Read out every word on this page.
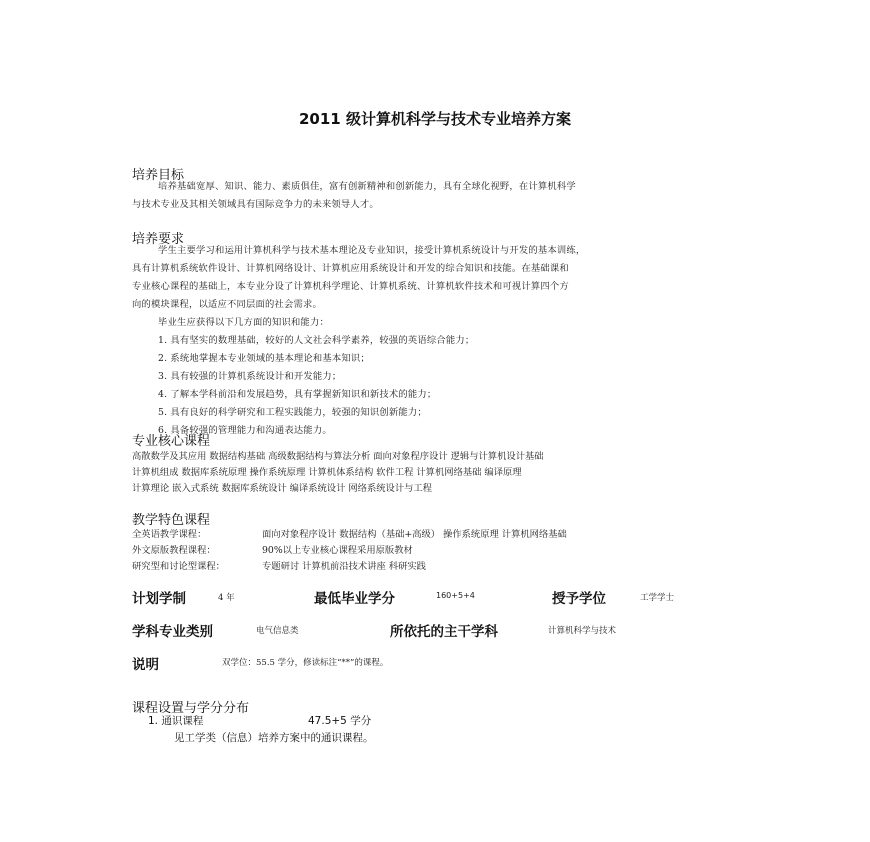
2011 级计算机科学与技术专业培养方案
培养目标
培养基础宽厚、知识、能力、素质俱佳，富有创新精神和创新能力，具有全球化视野，在计算机科学
与技术专业及其相关领域具有国际竞争力的未来领导人才。
培养要求
学生主要学习和运用计算机科学与技术基本理论及专业知识，接受计算机系统设计与开发的基本训练，
具有计算机系统软件设计、计算机网络设计、计算机应用系统设计和开发的综合知识和技能。在基础课和
专业核心课程的基础上，本专业分设了计算机科学理论、计算机系统、计算机软件技术和可视计算四个方
向的模块课程，以适应不同层面的社会需求。
毕业生应获得以下几方面的知识和能力：
1. 具有坚实的数理基础，较好的人文社会科学素养，较强的英语综合能力；
2. 系统地掌握本专业领域的基本理论和基本知识；
3. 具有较强的计算机系统设计和开发能力；
4. 了解本学科前沿和发展趋势，具有掌握新知识和新技术的能力；
5. 具有良好的科学研究和工程实践能力，较强的知识创新能力；
6. 具备较强的管理能力和沟通表达能力。
专业核心课程
高散数学及其应用 数据结构基础 高级数据结构与算法分析 面向对象程序设计 逻辑与计算机设计基础
计算机组成 数据库系统原理 操作系统原理 计算机体系结构 软件工程 计算机网络基础 编译原理
计算理论 嵌入式系统 数据库系统设计 编译系统设计 网络系统设计与工程
教学特色课程
全英语教学课程：	面向对象程序设计 数据结构（基础+高级） 操作系统原理 计算机网络基础
外文原版教程课程：	90%以上专业核心课程采用原版教材
研究型和讨论型课程：	专题研讨 计算机前沿技术讲座 科研实践
计划学制	4 年	最低毕业学分	160+5+4	授予学位	工学学士
学科专业类别	电气信息类	所依托的主干学科	计算机科学与技术
说明	双学位：55.5 学分，修读标注“**”的课程。
课程设置与学分分布
1. 通识课程	47.5+5 学分
见工学类（信息）培养方案中的通识课程。
